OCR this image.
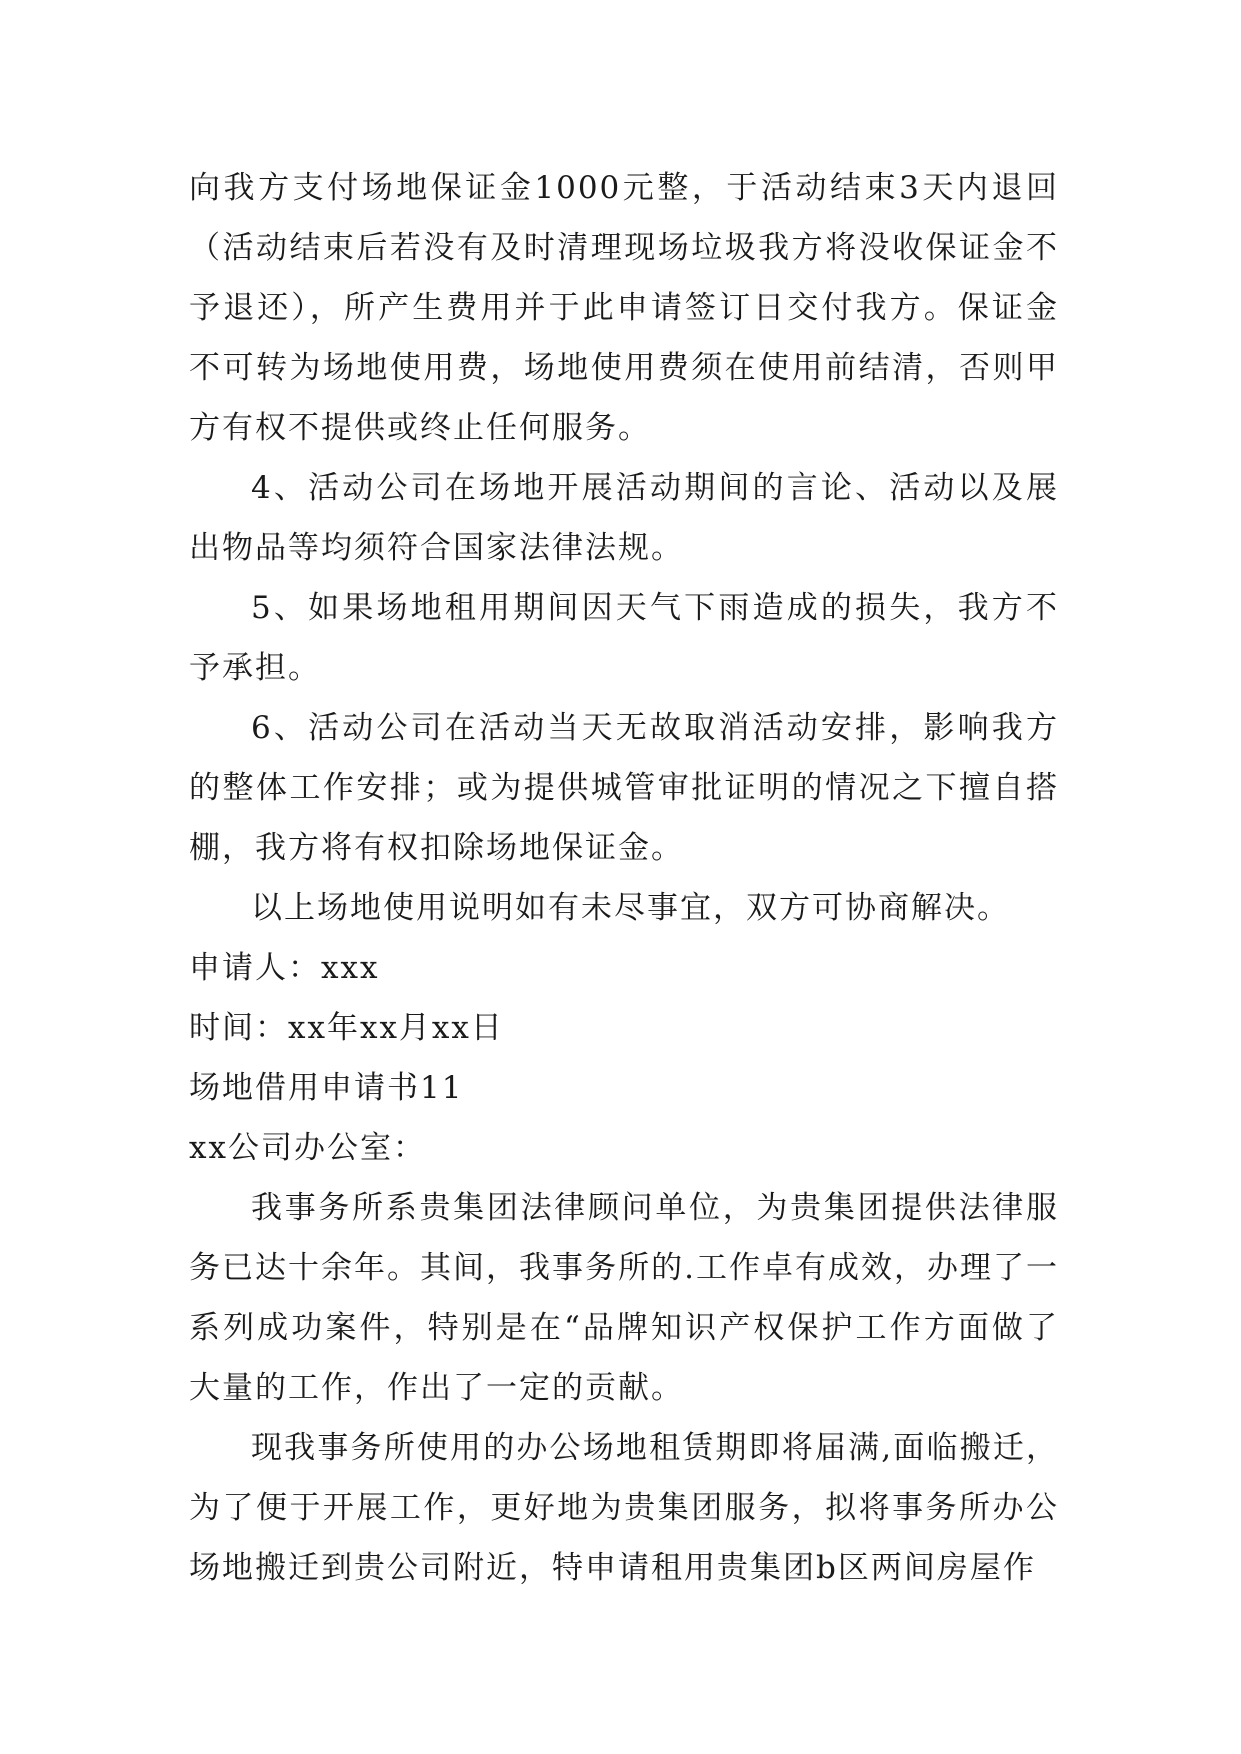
向我方支付场地保证金1000元整，于活动结束3天内退回（活动结束后若没有及时清理现场垃圾我方将没收保证金不予退还），所产生费用并于此申请签订日交付我方。保证金不可转为场地使用费，场地使用费须在使用前结清，否则甲方有权不提供或终止任何服务。

4、活动公司在场地开展活动期间的言论、活动以及展出物品等均须符合国家法律法规。

5、如果场地租用期间因天气下雨造成的损失，我方不予承担。

6、活动公司在活动当天无故取消活动安排，影响我方的整体工作安排；或为提供城管审批证明的情况之下擅自搭棚，我方将有权扣除场地保证金。

以上场地使用说明如有未尽事宜，双方可协商解决。

申请人：xxx

时间：xx年xx月xx日

场地借用申请书11

xx公司办公室：

我事务所系贵集团法律顾问单位，为贵集团提供法律服务已达十余年。其间，我事务所的.工作卓有成效，办理了一系列成功案件，特别是在“品牌知识产权保护工作方面做了大量的工作，作出了一定的贡献。

现我事务所使用的办公场地租赁期即将届满,面临搬迁，为了便于开展工作，更好地为贵集团服务，拟将事务所办公场地搬迁到贵公司附近，特申请租用贵集团b区两间房屋作
